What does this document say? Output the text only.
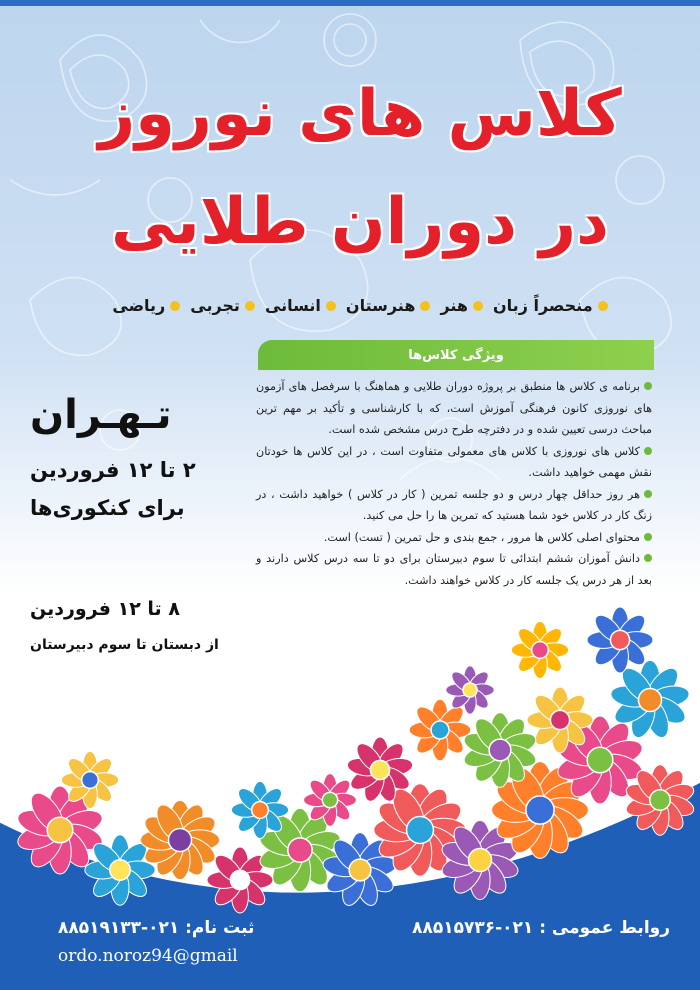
کلاس های نوروز
در دوران طلایی
ریاضی تجربی انسانی هنرستان هنر منحصراً زبان
ویژگی کلاس‌ها
برنامه ی کلاس ها منطبق بر پروژه دوران طلایی و هماهنگ با سرفصل های آزمون های نوروزی کانون فرهنگی آموزش است، که با کارشناسی و تأکید بر مهم ترین مباحث درسی تعیین شده و در دفترچه طرح درس مشخص شده است.
کلاس های نوروزی با کلاس های معمولی متفاوت است ، در این کلاس ها خودتان نقش مهمی خواهید داشت.
هر روز حداقل چهار درس و دو جلسه تمرین ( کار در کلاس ) خواهید داشت ، در زنگ کار در کلاس خود شما هستید که تمرین ها را حل می کنید.
محتوای اصلی کلاس ها مرور ، جمع بندی و حل تمرین ( تست) است.
دانش آموزان ششم ابتدائی تا سوم دبیرستان برای دو تا سه درس کلاس دارند و بعد از هر درس یک جلسه کار در کلاس خواهند داشت.
تـهـران
۲ تا ۱۲ فروردین
برای کنکوری‌ها
۸ تا ۱۲ فروردین
از دبستان تا سوم دبیرستان
روابط عمومی : ۰۲۱-۸۸۵۱۵۷۳۶
ثبت نام: ۰۲۱-۸۸۵۱۹۱۳۳
ordo.noroz94@gmail
